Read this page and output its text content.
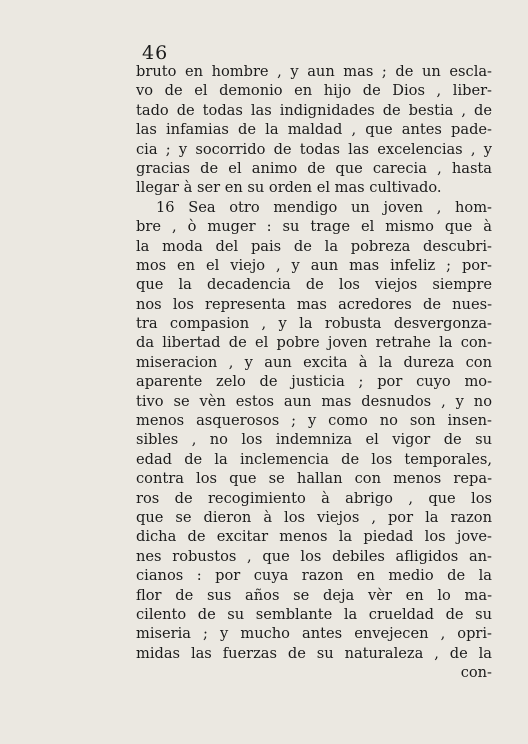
46
bruto en hombre , y aun mas ; de un escla-
vo de el demonio en hijo de Dios , liber-
tado de todas las indignidades de bestia , de
las infamias de la maldad , que antes pade-
cia ; y socorrido de todas las excelencias , y
gracias de el animo de que carecia , hasta
llegar à ser en su orden el mas cultivado.
16 Sea otro mendigo un joven , hom-
bre , ò muger : su trage el mismo que à
la moda del pais de la pobreza descubri-
mos en el viejo , y aun mas infeliz ; por-
que la decadencia de los viejos siempre
nos los representa mas acredores de nues-
tra compasion , y la robusta desvergonza-
da libertad de el pobre joven retrahe la con-
miseracion , y aun excita à la dureza con
aparente zelo de justicia ; por cuyo mo-
tivo se vèn estos aun mas desnudos , y no
menos asquerosos ; y como no son insen-
sibles , no los indemniza el vigor de su
edad de la inclemencia de los temporales,
contra los que se hallan con menos repa-
ros de recogimiento à abrigo , que los
que se dieron à los viejos , por la razon
dicha de excitar menos la piedad los jove-
nes robustos , que los debiles afligidos an-
cianos : por cuya razon en medio de la
flor de sus años se deja vèr en lo ma-
cilento de su semblante la crueldad de su
miseria ; y mucho antes envejecen , opri-
midas las fuerzas de su naturaleza , de la
con-
